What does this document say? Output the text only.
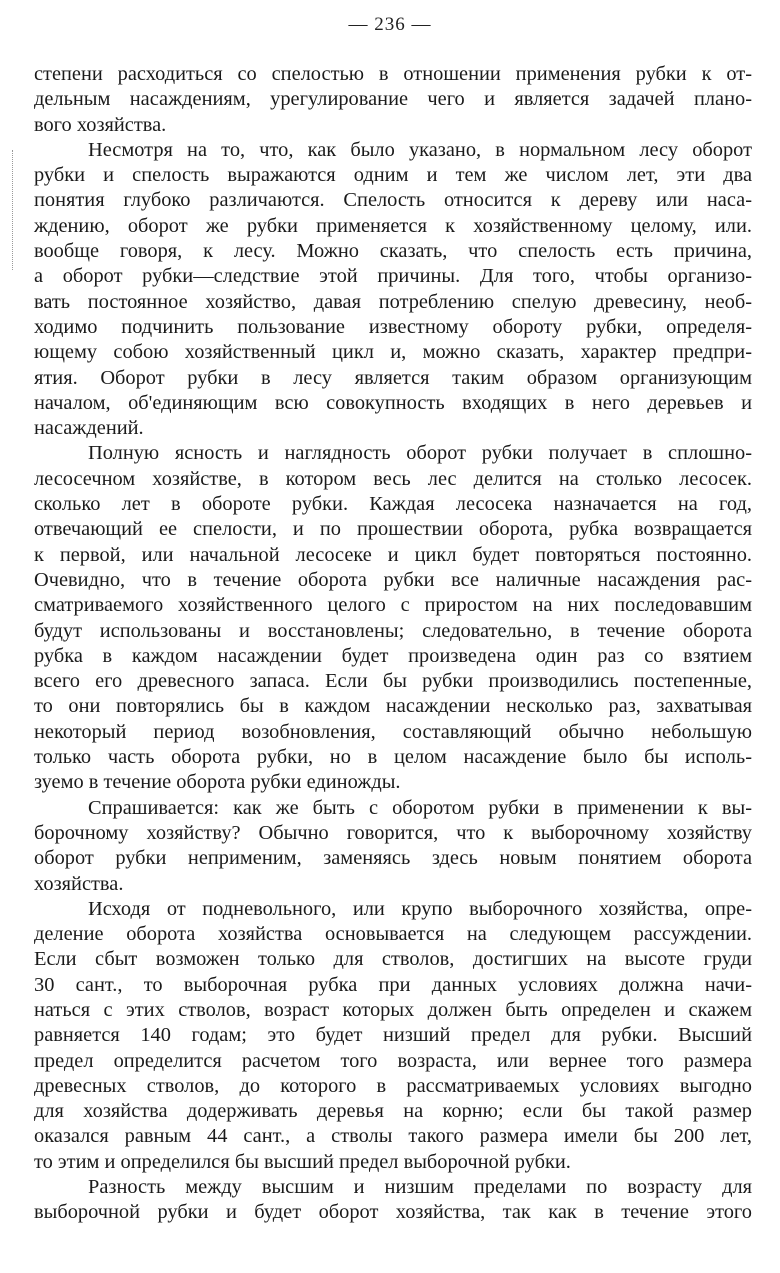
— 236 —
степени расходиться со спелостью в отношении применения рубки к от-
дельным насаждениям, урегулирование чего и является задачей плано-
вого хозяйства.
Несмотря на то, что, как было указано, в нормальном лесу оборот
рубки и спелость выражаются одним и тем же числом лет, эти два
понятия глубоко различаются. Спелость относится к дереву или наса-
ждению, оборот же рубки применяется к хозяйственному целому, или.
вообще говоря, к лесу. Можно сказать, что спелость есть причина,
а оборот рубки—следствие этой причины. Для того, чтобы организо-
вать постоянное хозяйство, давая потреблению спелую древесину, необ-
ходимо подчинить пользование известному обороту рубки, определя-
ющему собою хозяйственный цикл и, можно сказать, характер предпри-
ятия. Оборот рубки в лесу является таким образом организующим
началом, об'единяющим всю совокупность входящих в него деревьев и
насаждений.
Полную ясность и наглядность оборот рубки получает в сплошно-
лесосечном хозяйстве, в котором весь лес делится на столько лесосек.
сколько лет в обороте рубки. Каждая лесосека назначается на год,
отвечающий ее спелости, и по прошествии оборота, рубка возвращается
к первой, или начальной лесосеке и цикл будет повторяться постоянно.
Очевидно, что в течение оборота рубки все наличные насаждения рас-
сматриваемого хозяйственного целого с приростом на них последовавшим
будут использованы и восстановлены; следовательно, в течение оборота
рубка в каждом насаждении будет произведена один раз со взятием
всего его древесного запаса. Если бы рубки производились постепенные,
то они повторялись бы в каждом насаждении несколько раз, захватывая
некоторый период возобновления, составляющий обычно небольшую
только часть оборота рубки, но в целом насаждение было бы исполь-
зуемо в течение оборота рубки единожды.
Спрашивается: как же быть с оборотом рубки в применении к вы-
борочному хозяйству? Обычно говорится, что к выборочному хозяйству
оборот рубки неприменим, заменяясь здесь новым понятием оборота
хозяйства.
Исходя от подневольного, или крупо выборочного хозяйства, опре-
деление оборота хозяйства основывается на следующем рассуждении.
Если сбыт возможен только для стволов, достигших на высоте груди
30 сант., то выборочная рубка при данных условиях должна начи-
наться с этих стволов, возраст которых должен быть определен и скажем
равняется 140 годам; это будет низший предел для рубки. Высший
предел определится расчетом того возраста, или вернее того размера
древесных стволов, до которого в рассматриваемых условиях выгодно
для хозяйства додерживать деревья на корню; если бы такой размер
оказался равным 44 сант., а стволы такого размера имели бы 200 лет,
то этим и определился бы высший предел выборочной рубки.
Разность между высшим и низшим пределами по возрасту для
выборочной рубки и будет оборот хозяйства, так как в течение этого
